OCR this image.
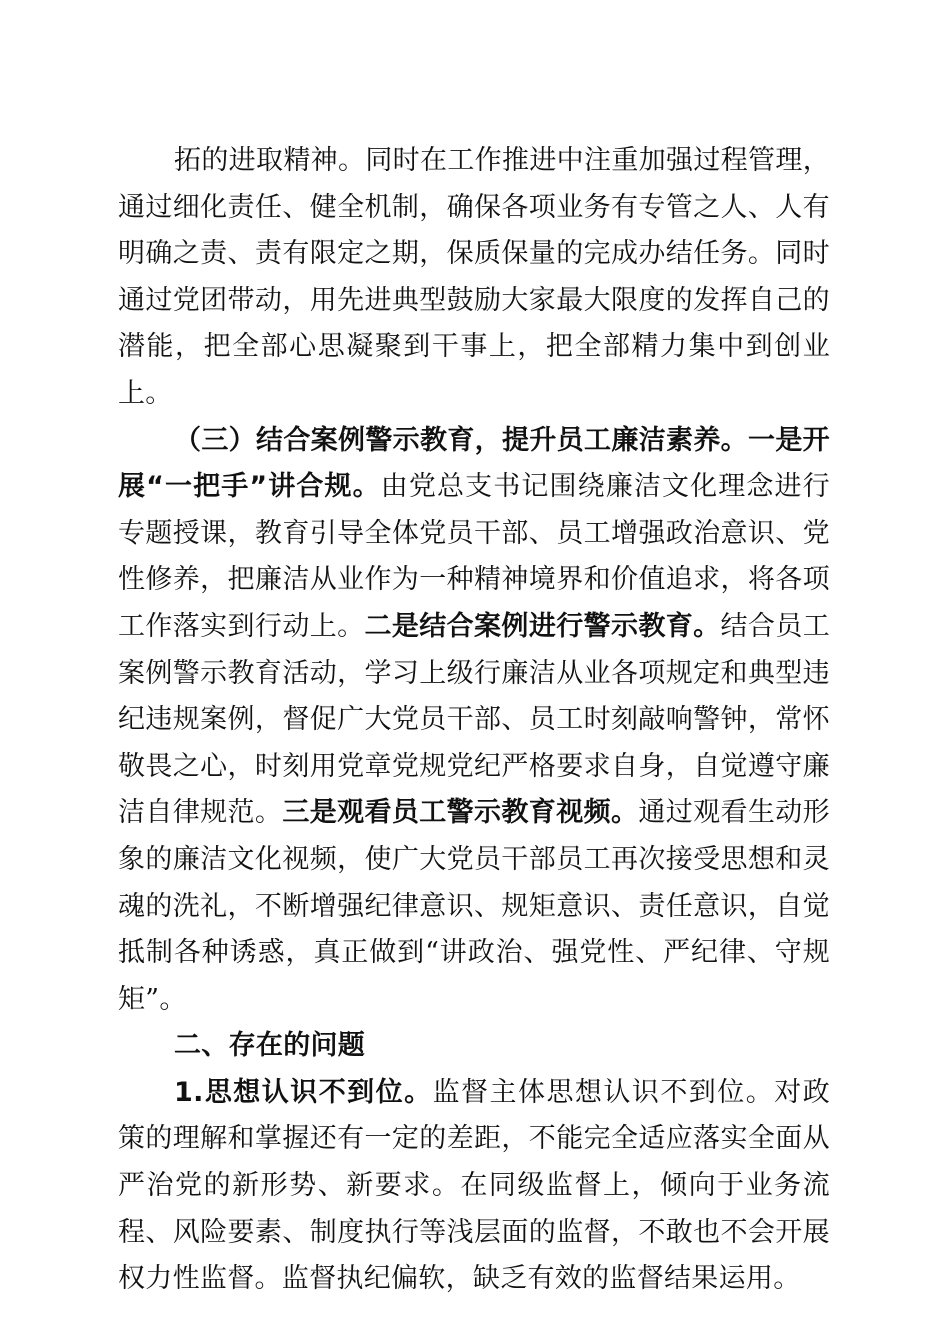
拓的进取精神。同时在工作推进中注重加强过程管理，通过细化责任、健全机制，确保各项业务有专管之人、人有明确之责、责有限定之期，保质保量的完成办结任务。同时通过党团带动，用先进典型鼓励大家最大限度的发挥自己的潜能，把全部心思凝聚到干事上，把全部精力集中到创业上。

（三）结合案例警示教育，提升员工廉洁素养。一是开展“一把手”讲合规。由党总支书记围绕廉洁文化理念进行专题授课，教育引导全体党员干部、员工增强政治意识、党性修养，把廉洁从业作为一种精神境界和价值追求，将各项工作落实到行动上。二是结合案例进行警示教育。结合员工案例警示教育活动，学习上级行廉洁从业各项规定和典型违纪违规案例，督促广大党员干部、员工时刻敲响警钟，常怀敬畏之心，时刻用党章党规党纪严格要求自身，自觉遵守廉洁自律规范。三是观看员工警示教育视频。通过观看生动形象的廉洁文化视频，使广大党员干部员工再次接受思想和灵魂的洗礼，不断增强纪律意识、规矩意识、责任意识，自觉抵制各种诱惑，真正做到“讲政治、强党性、严纪律、守规矩”。

二、存在的问题

1.思想认识不到位。监督主体思想认识不到位。对政策的理解和掌握还有一定的差距，不能完全适应落实全面从严治党的新形势、新要求。在同级监督上，倾向于业务流程、风险要素、制度执行等浅层面的监督，不敢也不会开展权力性监督。监督执纪偏软，缺乏有效的监督结果运用。
